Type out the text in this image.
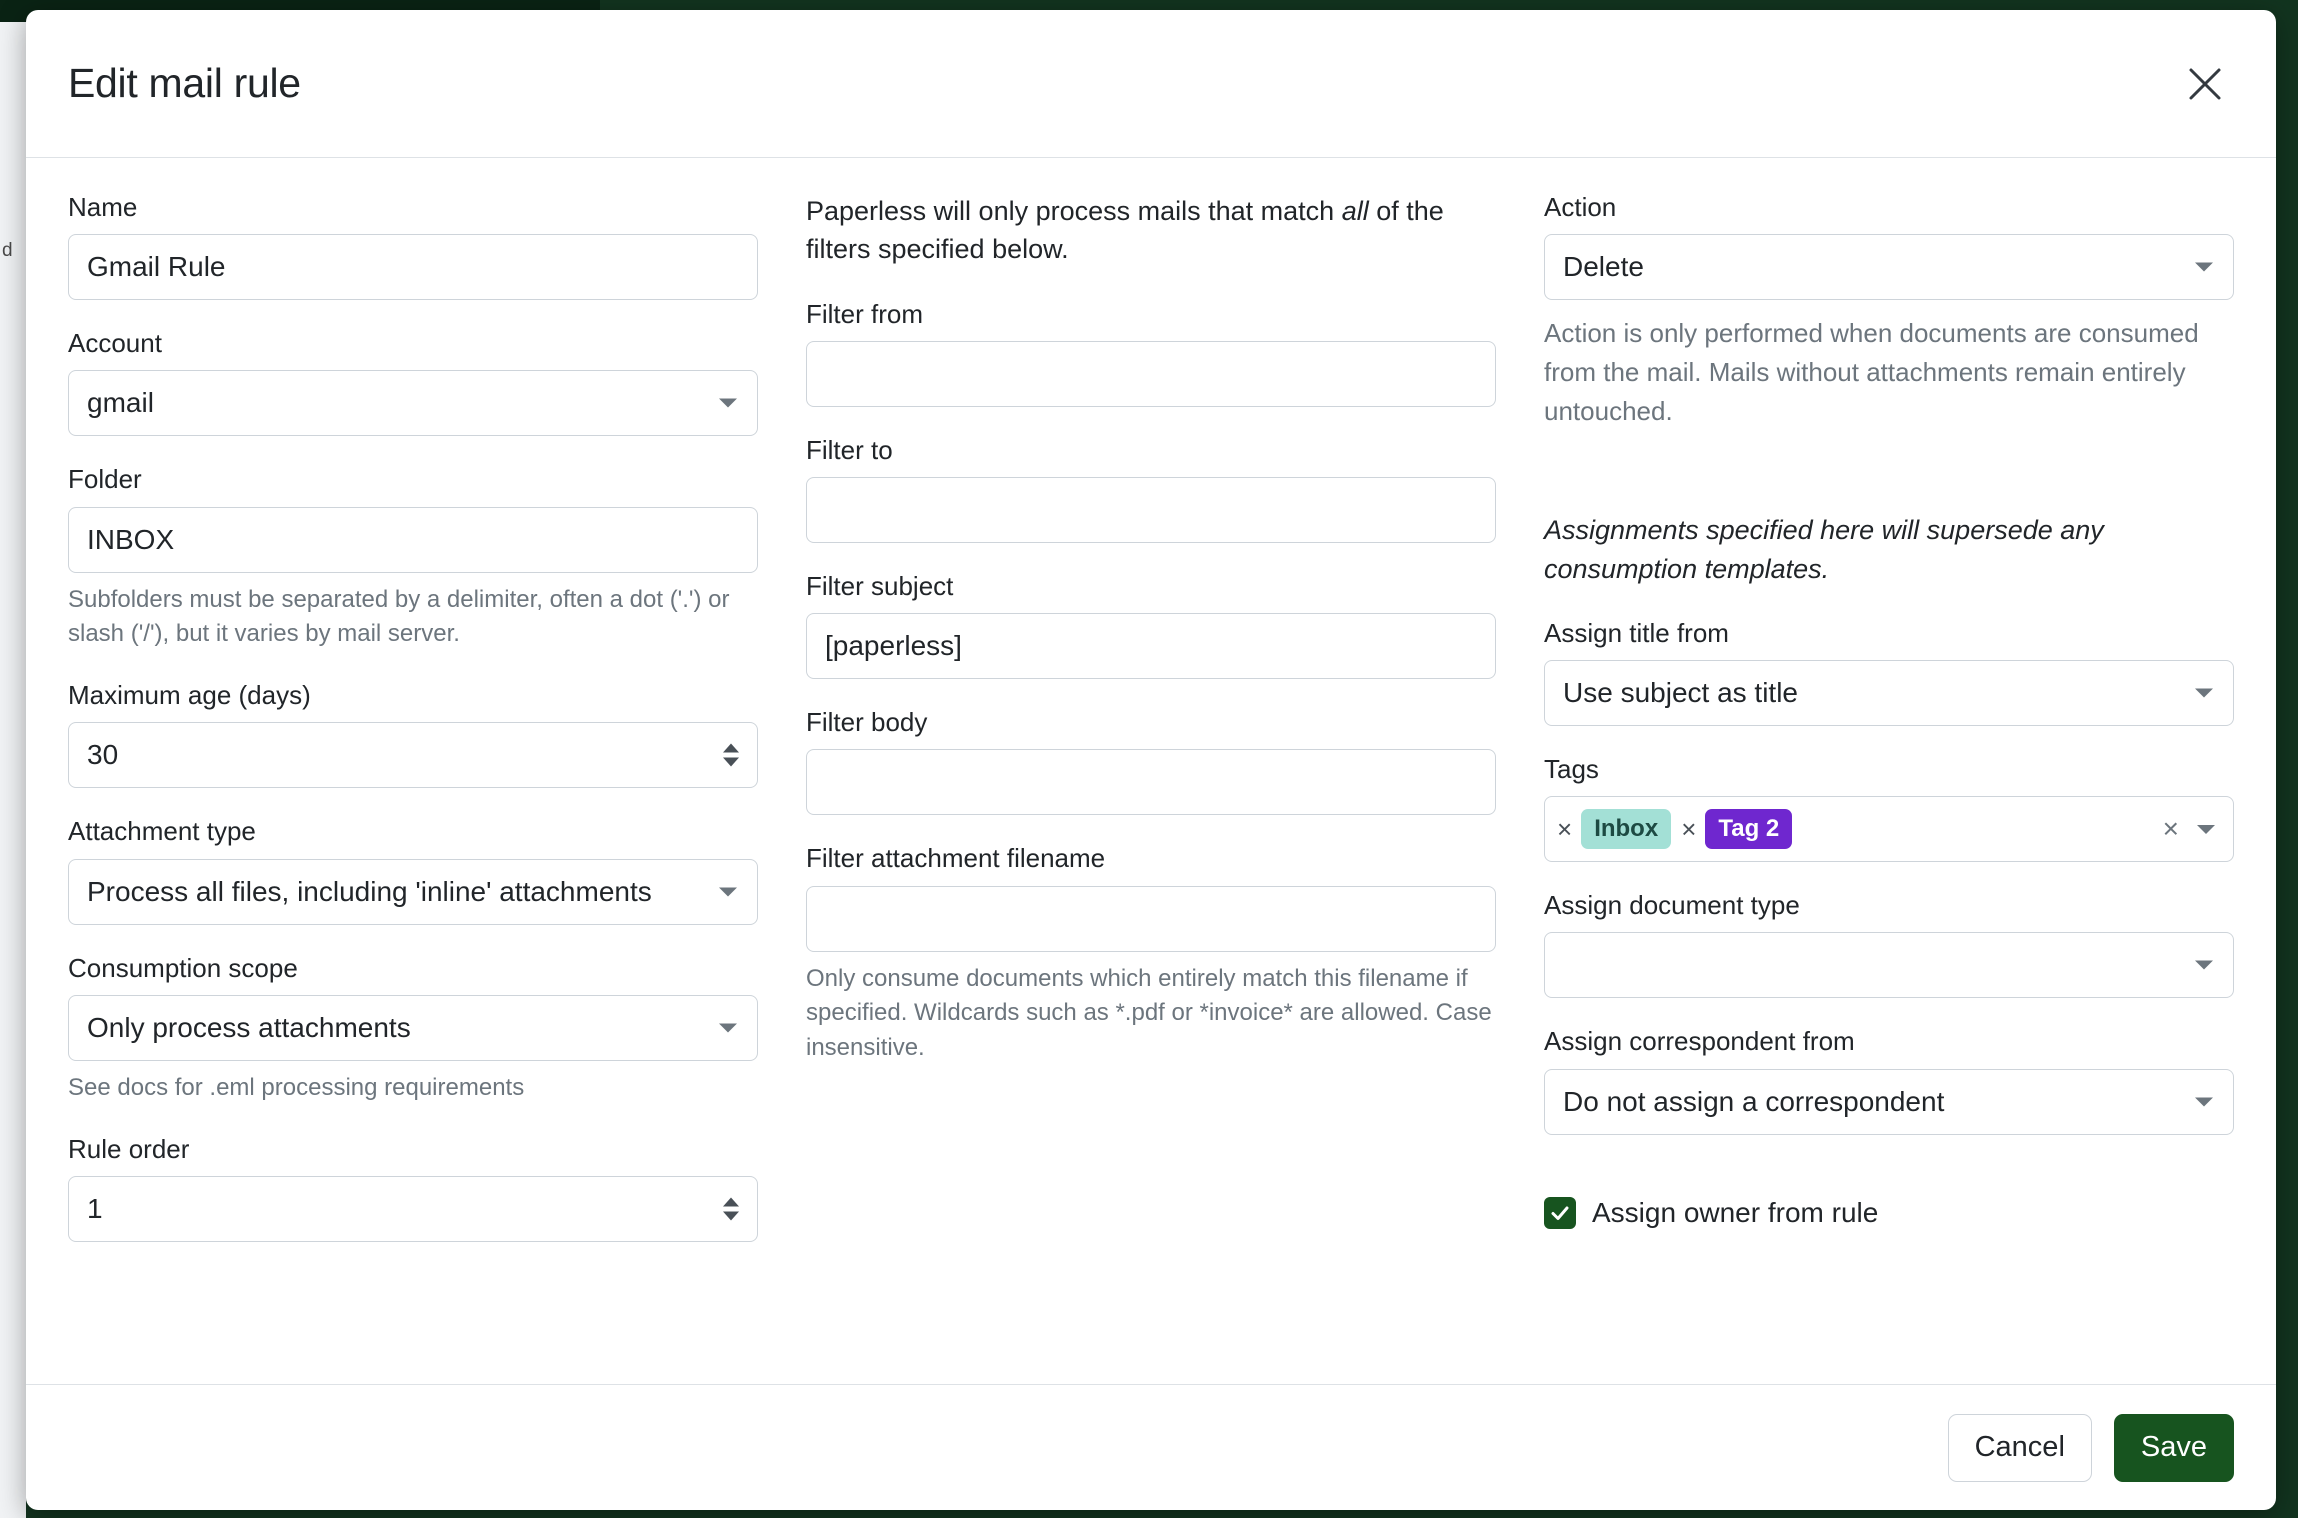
d
Edit mail rule
Name
Gmail Rule
Account
gmail
Folder
INBOX
Subfolders must be separated by a delimiter, often a dot ('.') or slash ('/'), but it varies by mail server.
Maximum age (days)
30
Attachment type
Process all files, including 'inline' attachments
Consumption scope
Only process attachments
See docs for .eml processing requirements
Rule order
1
Paperless will only process mails that match all of the filters specified below.
Filter from
Filter to
Filter subject
[paperless]
Filter body
Filter attachment filename
Only consume documents which entirely match this filename if specified. Wildcards such as *.pdf or *invoice* are allowed. Case insensitive.
Action
Delete
Action is only performed when documents are consumed from the mail. Mails without attachments remain entirely untouched.
Assignments specified here will supersede any consumption templates.
Assign title from
Use subject as title
Tags
× Inbox × Tag 2	×
Assign document type
Assign correspondent from
Do not assign a correspondent
Assign owner from rule
Cancel	Save
